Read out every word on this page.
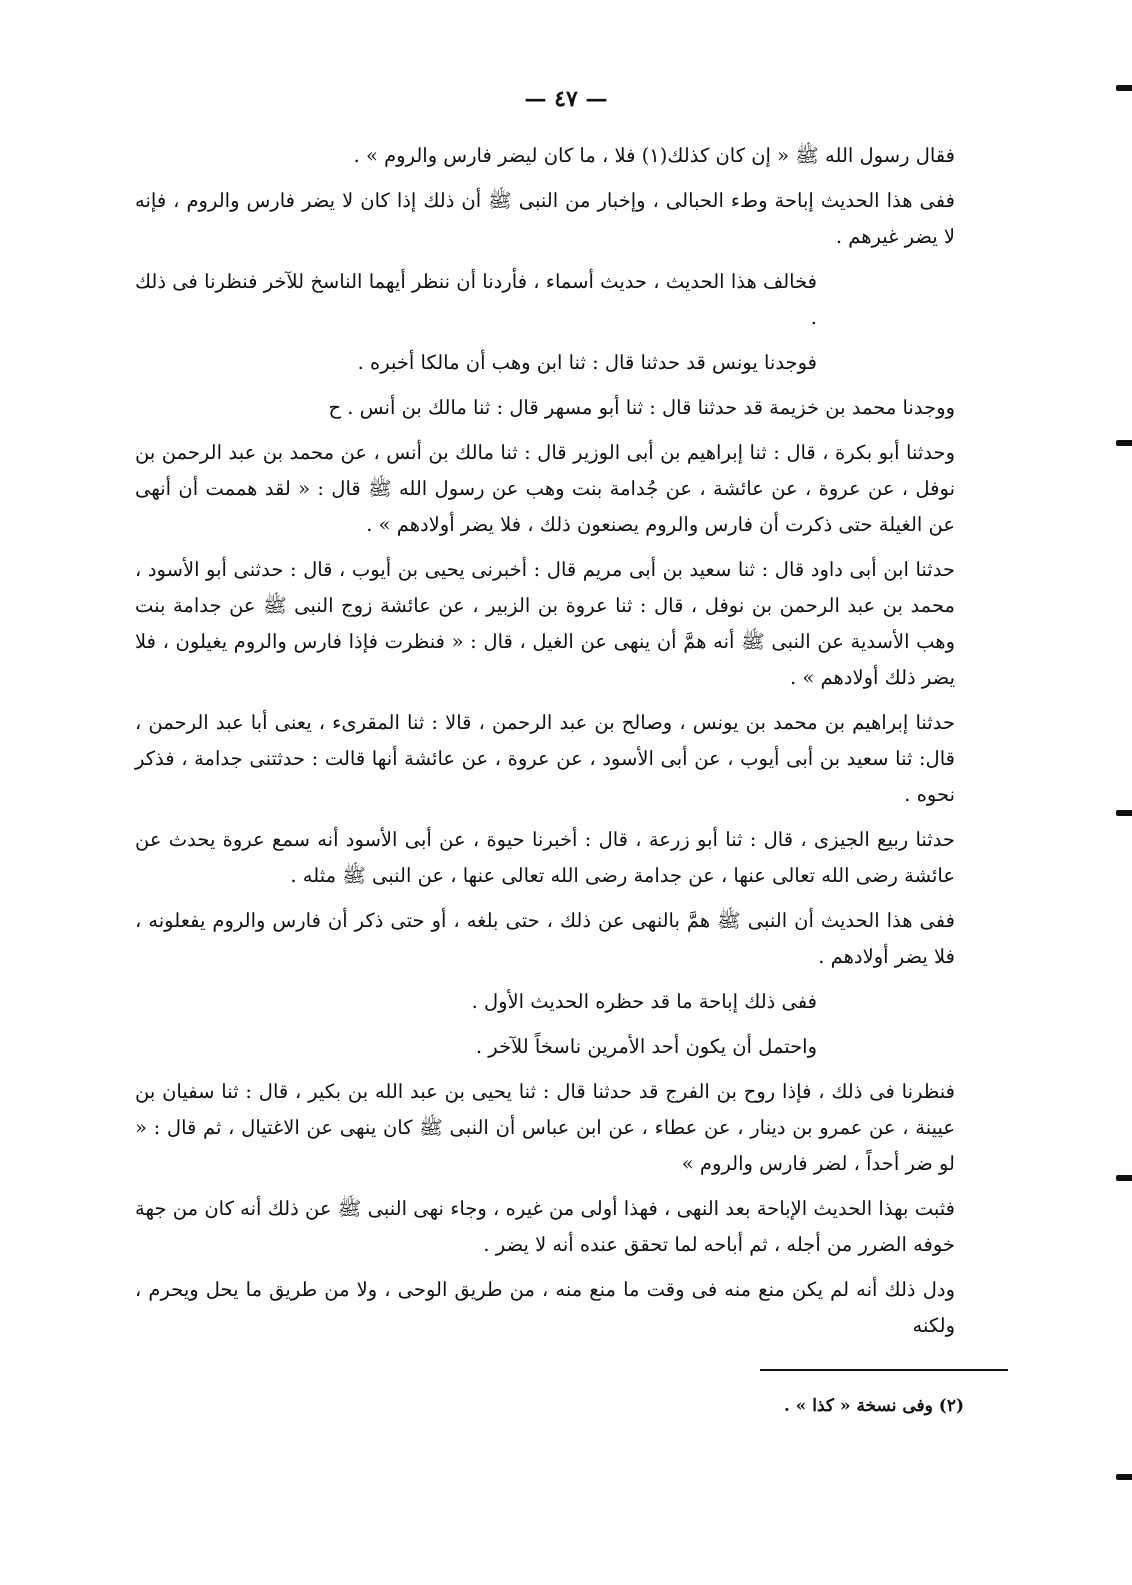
— ٤٧ —

فقال رسول الله ﷺ « إن كان كذلك(١) فلا ، ما كان ليضر فارس والروم » .

ففى هذا الحديث إباحة وطء الحبالى ، وإخبار من النبى ﷺ أن ذلك إذا كان لا يضر فارس والروم ، فإنه لا يضر غيرهم .

فخالف هذا الحديث ، حديث أسماء ، فأردنا أن ننظر أيهما الناسخ للآخر فنظرنا فى ذلك .

فوجدنا يونس قد حدثنا قال : ثنا ابن وهب أن مالكا أخبره .

ووجدنا محمد بن خزيمة قد حدثنا قال : ثنا أبو مسهر قال : ثنا مالك بن أنس . ح

وحدثنا أبو بكرة ، قال : ثنا إبراهيم بن أبى الوزير قال : ثنا مالك بن أنس ، عن محمد بن عبد الرحمن بن نوفل ، عن عروة ، عن عائشة ، عن جُدامة بنت وهب عن رسول الله ﷺ قال : « لقد هممت أن أنهى عن الغيلة حتى ذكرت أن فارس والروم يصنعون ذلك ، فلا يضر أولادهم » .

حدثنا ابن أبى داود قال : ثنا سعيد بن أبى مريم قال : أخبرنى يحيى بن أيوب ، قال : حدثنى أبو الأسود ، محمد بن عبد الرحمن بن نوفل ، قال : ثنا عروة بن الزبير ، عن عائشة زوج النبى ﷺ عن جدامة بنت وهب الأسدية عن النبى ﷺ أنه همَّ أن ينهى عن الغيل ، قال : « فنظرت فإذا فارس والروم يغيلون ، فلا يضر ذلك أولادهم » .

حدثنا إبراهيم بن محمد بن يونس ، وصالح بن عبد الرحمن ، قالا : ثنا المقرىء ، يعنى أبا عبد الرحمن ، قال: ثنا سعيد بن أبى أيوب ، عن أبى الأسود ، عن عروة ، عن عائشة أنها قالت : حدثتنى جدامة ، فذكر نحوه .

حدثنا ربيع الجيزى ، قال : ثنا أبو زرعة ، قال : أخبرنا حيوة ، عن أبى الأسود أنه سمع عروة يحدث عن عائشة رضى الله تعالى عنها ، عن جدامة رضى الله تعالى عنها ، عن النبى ﷺ مثله .

ففى هذا الحديث أن النبى ﷺ همَّ بالنهى عن ذلك ، حتى بلغه ، أو حتى ذكر أن فارس والروم يفعلونه ، فلا يضر أولادهم .

ففى ذلك إباحة ما قد حظره الحديث الأول .

واحتمل أن يكون أحد الأمرين ناسخاً للآخر .

فنظرنا فى ذلك ، فإذا روح بن الفرج قد حدثنا قال : ثنا يحيى بن عبد الله بن بكير ، قال : ثنا سفيان بن عيينة ، عن عمرو بن دينار ، عن عطاء ، عن ابن عباس أن النبى ﷺ كان ينهى عن الاغتيال ، ثم قال : « لو ضر أحداً ، لضر فارس والروم »

فثبت بهذا الحديث الإباحة بعد النهى ، فهذا أولى من غيره ، وجاء نهى النبى ﷺ عن ذلك أنه كان من جهة خوفه الضرر من أجله ، ثم أباحه لما تحقق عنده أنه لا يضر .

ودل ذلك أنه لم يكن منع منه فى وقت ما منع منه ، من طريق الوحى ، ولا من طريق ما يحل ويحرم ، ولكنه

(٢) وفى نسخة « كذا » .
